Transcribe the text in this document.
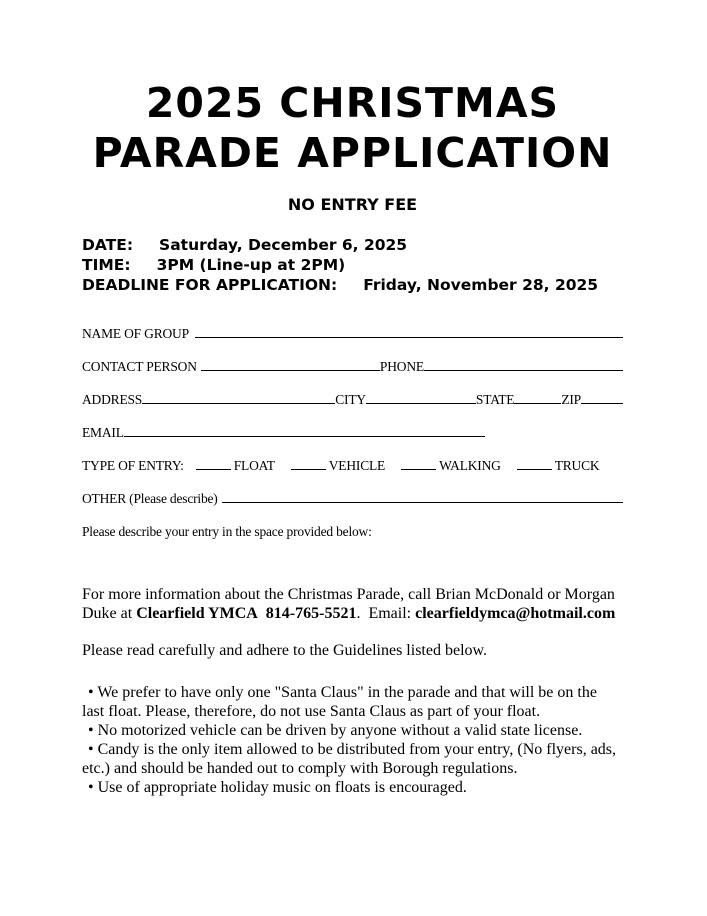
2025 CHRISTMAS
PARADE APPLICATION
NO ENTRY FEE
DATE: Saturday, December 6, 2025
TIME: 3PM (Line-up at 2PM)
DEADLINE FOR APPLICATION: Friday, November 28, 2025
NAME OF GROUP
CONTACT PERSON	PHONE
ADDRESS	CITY	STATE	ZIP
EMAIL
TYPE OF ENTRY:	FLOAT	VEHICLE	WALKING	TRUCK
OTHER (Please describe)

Please describe your entry in the space provided below:

For more information about the Christmas Parade, call Brian McDonald or Morgan Duke at Clearfield YMCA  814-765-5521.  Email: clearfieldymca@hotmail.com

Please read carefully and adhere to the Guidelines listed below.

• We prefer to have only one "Santa Claus" in the parade and that will be on the last float. Please, therefore, do not use Santa Claus as part of your float.

• No motorized vehicle can be driven by anyone without a valid state license.

• Candy is the only item allowed to be distributed from your entry, (No flyers, ads, etc.) and should be handed out to comply with Borough regulations.

• Use of appropriate holiday music on floats is encouraged.
